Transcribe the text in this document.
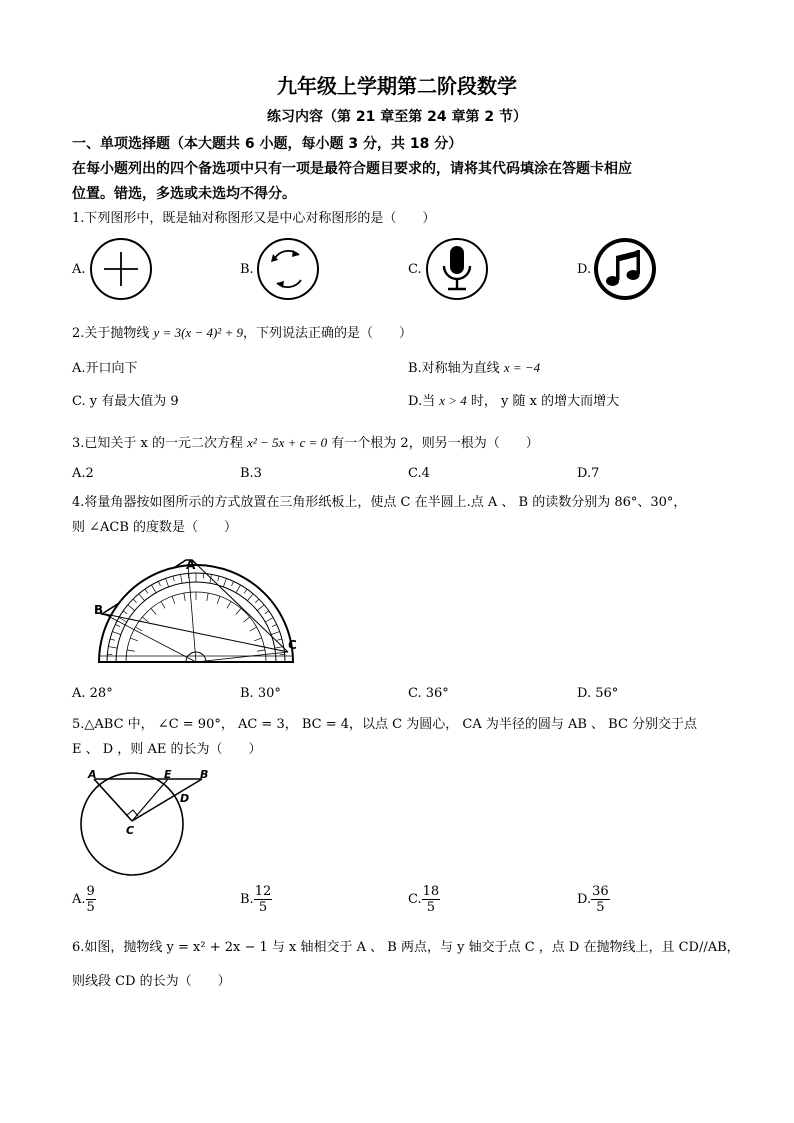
九年级上学期第二阶段数学
练习内容（第 21 章至第 24 章第 2 节）
一、单项选择题（本大题共 6 小题，每小题 3 分，共 18 分）
在每小题列出的四个备选项中只有一项是最符合题目要求的，请将其代码填涂在答题卡相应
位置。错选，多选或未选均不得分。
1.下列图形中，既是轴对称图形又是中心对称图形的是（　　）
A.	B.	C.	D.
2.关于抛物线 y = 3(x − 4)² + 9，下列说法正确的是（　　）
A.开口向下	B.对称轴为直线 x = −4
C. y 有最大值为 9	D.当 x > 4 时， y 随 x 的增大而增大
3.已知关于 x 的一元二次方程 x² − 5x + c = 0 有一个根为 2，则另一根为（　　）
A.2	B.3	C.4	D.7
4.将量角器按如图所示的方式放置在三角形纸板上，使点 C 在半圆上.点 A 、 B 的读数分别为 86°、30°，
则 ∠ACB 的度数是（　　）
A
B
C
A. 28°	B. 30°	C. 36°	D. 56°
5.△ABC 中， ∠C = 90°， AC = 3， BC = 4，以点 C 为圆心， CA 为半径的圆与 AB 、 BC 分别交于点
E 、 D ，则 AE 的长为（　　）
A	E	B
D
C
A. $\frac{9}{5}$	B. $\frac{12}{5}$	C. $\frac{18}{5}$	D. $\frac{36}{5}$
6.如图，抛物线 y = x² + 2x − 1 与 x 轴相交于 A 、 B 两点，与 y 轴交于点 C ，点 D 在抛物线上，且 CD//AB，
则线段 CD 的长为（　　）
